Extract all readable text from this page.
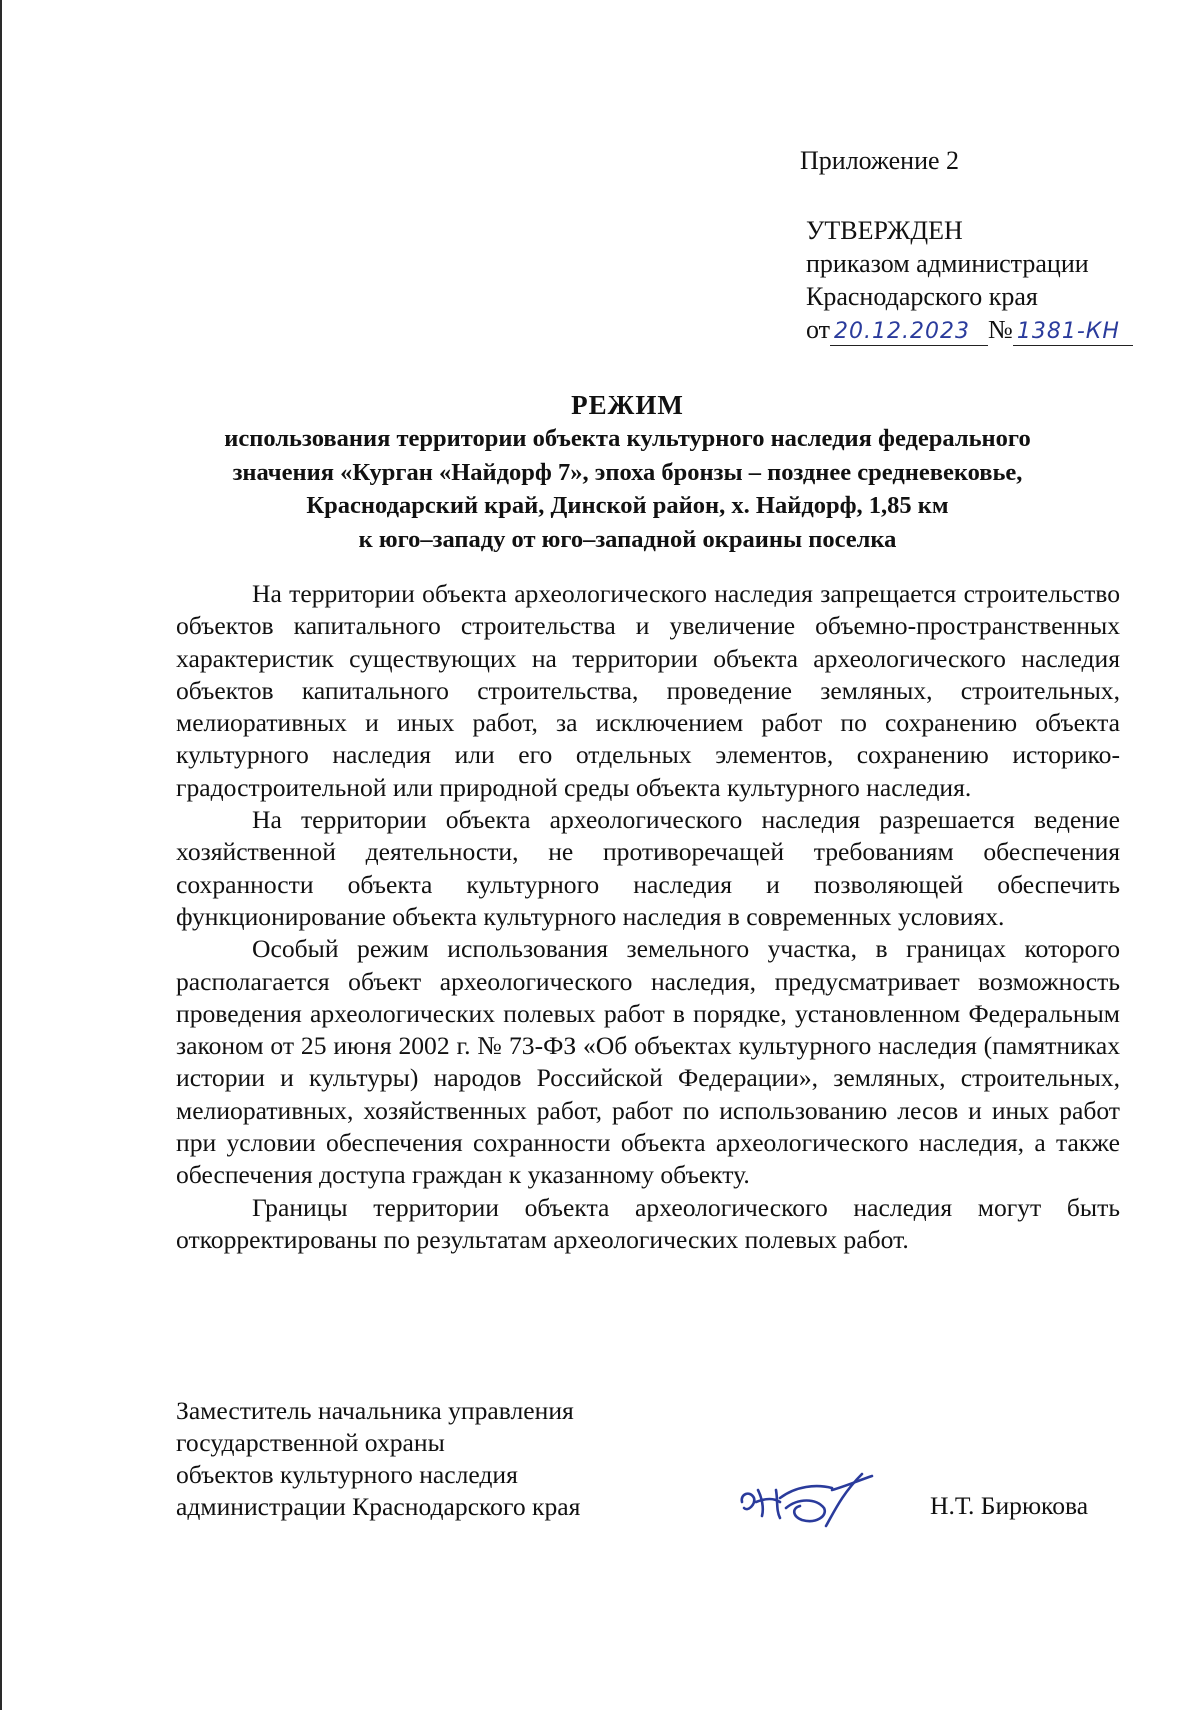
Приложение 2
УТВЕРЖДЕН
приказом администрации
Краснодарского края
от 20.12.2023 № 1381-КН
РЕЖИМ
использования территории объекта культурного наследия федерального
значения «Курган «Найдорф 7», эпоха бронзы – позднее средневековье,
Краснодарский край, Динской район, х. Найдорф, 1,85 км
к юго–западу от юго–западной окраины поселка

На территории объекта археологического наследия запрещается строительство объектов капитального строительства и увеличение объемно-пространственных характеристик существующих на территории объекта археологического наследия объектов капитального строительства, проведение земляных, строительных, мелиоративных и иных работ, за исключением работ по сохранению объекта культурного наследия или его отдельных элементов, сохранению историко-градостроительной или природной среды объекта культурного наследия.

На территории объекта археологического наследия разрешается ведение хозяйственной деятельности, не противоречащей требованиям обеспечения сохранности объекта культурного наследия и позволяющей обеспечить функционирование объекта культурного наследия в современных условиях.

Особый режим использования земельного участка, в границах которого располагается объект археологического наследия, предусматривает возможность проведения археологических полевых работ в порядке, установленном Федеральным законом от 25 июня 2002 г. № 73-ФЗ «Об объектах культурного наследия (памятниках истории и культуры) народов Российской Федерации», земляных, строительных, мелиоративных, хозяйственных работ, работ по использованию лесов и иных работ при условии обеспечения сохранности объекта археологического наследия, а также обеспечения доступа граждан к указанному объекту.

Границы территории объекта археологического наследия могут быть откорректированы по результатам археологических полевых работ.

Заместитель начальника управления
государственной охраны
объектов культурного наследия
администрации Краснодарского края	Н.Т. Бирюкова
